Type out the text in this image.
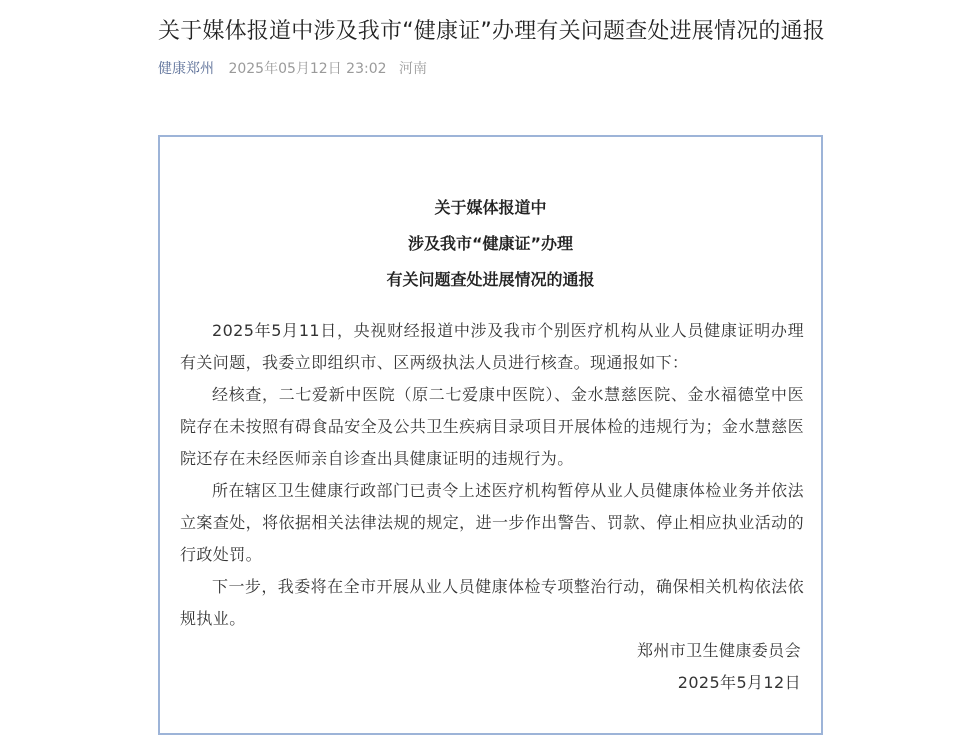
关于媒体报道中涉及我市“健康证”办理有关问题查处进展情况的通报
健康郑州 2025年05月12日 23:02 河南
关于媒体报道中
涉及我市“健康证”办理
有关问题查处进展情况的通报

2025年5月11日，央视财经报道中涉及我市个别医疗机构从业人员健康证明办理有关问题，我委立即组织市、区两级执法人员进行核查。现通报如下：

经核查，二七爱新中医院（原二七爱康中医院）、金水慧慈医院、金水福德堂中医院存在未按照有碍食品安全及公共卫生疾病目录项目开展体检的违规行为；金水慧慈医院还存在未经医师亲自诊查出具健康证明的违规行为。

所在辖区卫生健康行政部门已责令上述医疗机构暂停从业人员健康体检业务并依法立案查处，将依据相关法律法规的规定，进一步作出警告、罚款、停止相应执业活动的行政处罚。

下一步，我委将在全市开展从业人员健康体检专项整治行动，确保相关机构依法依规执业。

郑州市卫生健康委员会
2025年5月12日
